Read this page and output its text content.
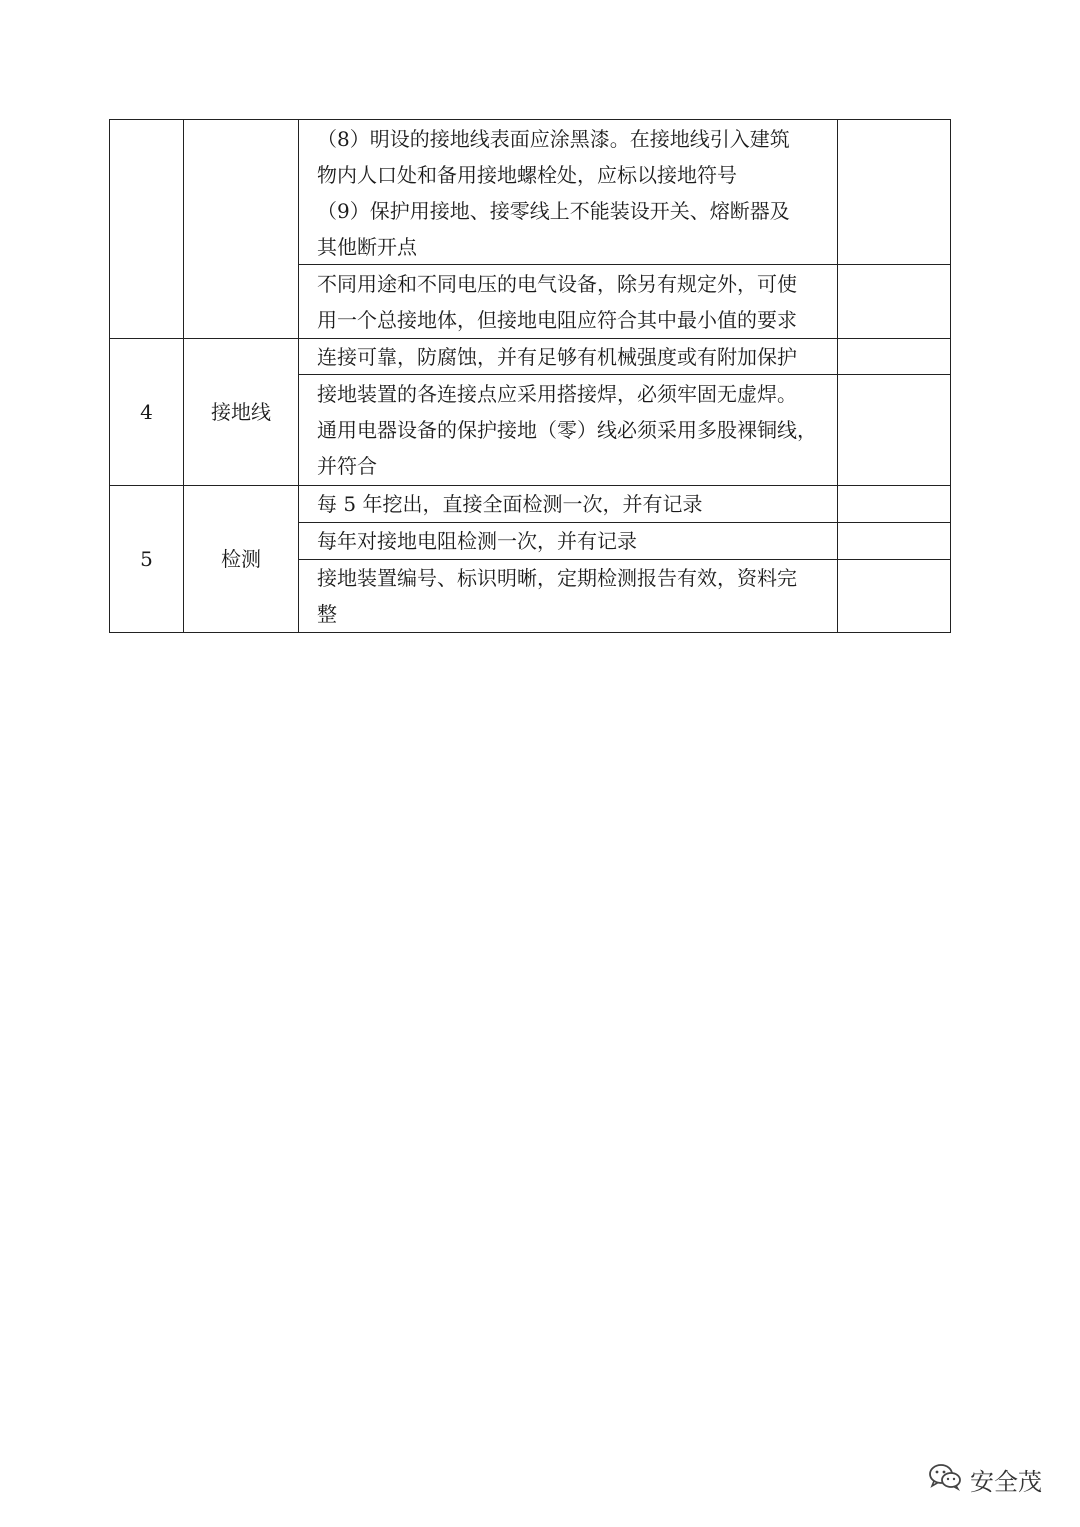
（8）明设的接地线表面应涂黑漆。在接地线引入建筑
物内人口处和备用接地螺栓处，应标以接地符号
（9）保护用接地、接零线上不能装设开关、熔断器及
其他断开点
不同用途和不同电压的电气设备，除另有规定外，可使
用一个总接地体，但接地电阻应符合其中最小值的要求
4	接地线
连接可靠，防腐蚀，并有足够有机械强度或有附加保护
接地装置的各连接点应采用搭接焊，必须牢固无虚焊。
通用电器设备的保护接地（零）线必须采用多股裸铜线，
并符合
5	检测
每 5 年挖出，直接全面检测一次，并有记录
每年对接地电阻检测一次，并有记录
接地装置编号、标识明晰，定期检测报告有效，资料完
整
安全茂
